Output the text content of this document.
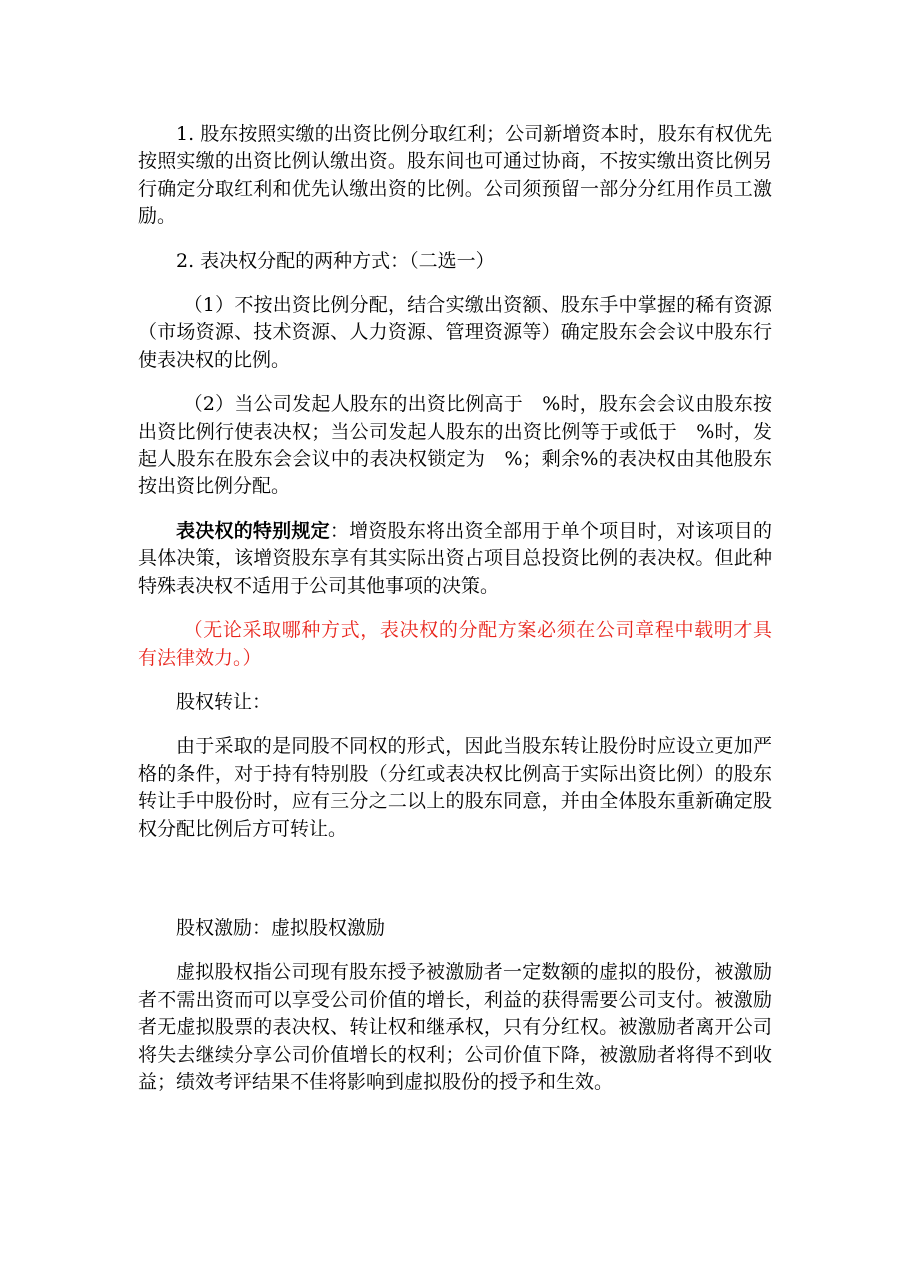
1. 股东按照实缴的出资比例分取红利；公司新增资本时，股东有权优先按照实缴的出资比例认缴出资。股东间也可通过协商，不按实缴出资比例另行确定分取红利和优先认缴出资的比例。公司须预留一部分分红用作员工激励。

2. 表决权分配的两种方式：（二选一）

（1）不按出资比例分配，结合实缴出资额、股东手中掌握的稀有资源（市场资源、技术资源、人力资源、管理资源等）确定股东会会议中股东行使表决权的比例。

（2）当公司发起人股东的出资比例高于　%时，股东会会议由股东按出资比例行使表决权；当公司发起人股东的出资比例等于或低于　%时，发起人股东在股东会会议中的表决权锁定为　%；剩余%的表决权由其他股东按出资比例分配。

表决权的特别规定：增资股东将出资全部用于单个项目时，对该项目的具体决策，该增资股东享有其实际出资占项目总投资比例的表决权。但此种特殊表决权不适用于公司其他事项的决策。

（无论采取哪种方式，表决权的分配方案必须在公司章程中载明才具有法律效力。）

股权转让：

由于采取的是同股不同权的形式，因此当股东转让股份时应设立更加严格的条件，对于持有特别股（分红或表决权比例高于实际出资比例）的股东转让手中股份时，应有三分之二以上的股东同意，并由全体股东重新确定股权分配比例后方可转让。

股权激励：虚拟股权激励

虚拟股权指公司现有股东授予被激励者一定数额的虚拟的股份，被激励者不需出资而可以享受公司价值的增长，利益的获得需要公司支付。被激励者无虚拟股票的表决权、转让权和继承权，只有分红权。被激励者离开公司将失去继续分享公司价值增长的权利；公司价值下降，被激励者将得不到收益；绩效考评结果不佳将影响到虚拟股份的授予和生效。
